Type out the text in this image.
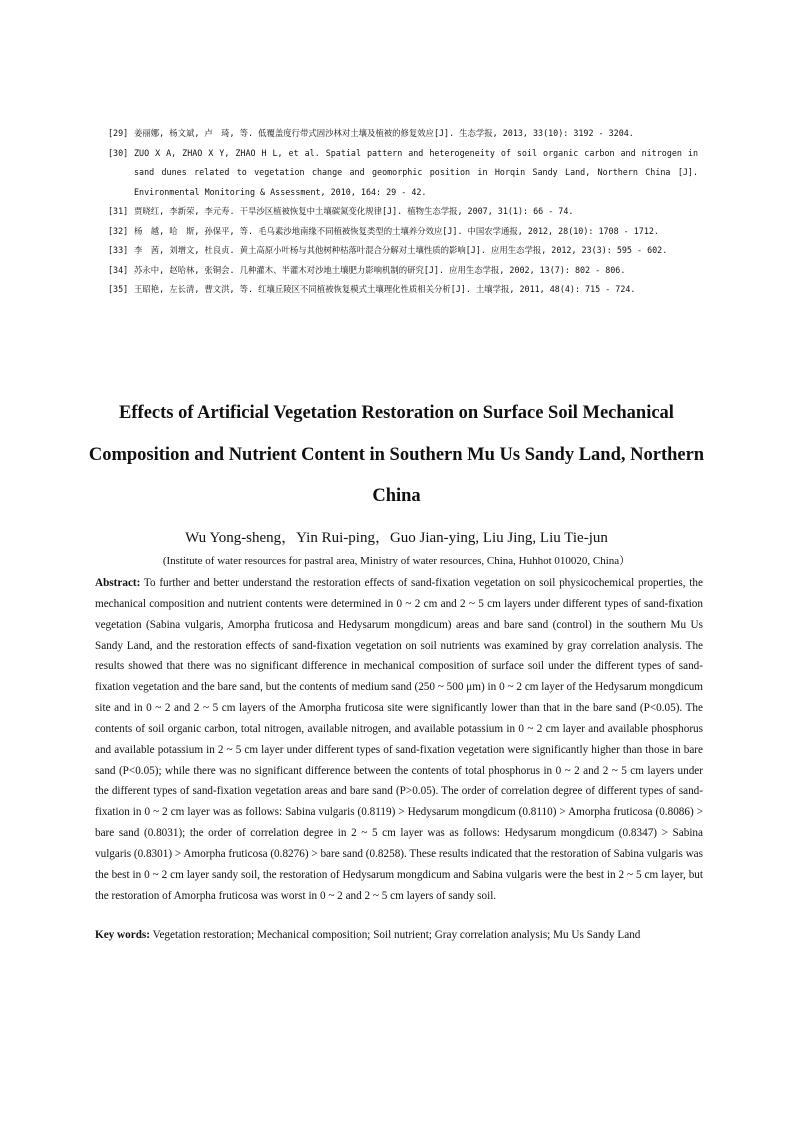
[29] 姜丽娜, 杨文斌, 卢　琦, 等. 低覆盖度行带式固沙林对土壤及植被的修复效应[J]. 生态学报, 2013, 33(10): 3192 - 3204.
[30] ZUO X A, ZHAO X Y, ZHAO H L, et al. Spatial pattern and heterogeneity of soil organic carbon and nitrogen in sand dunes related to vegetation change and geomorphic position in Horqin Sandy Land, Northern China [J]. Environmental Monitoring & Assessment, 2010, 164: 29 - 42.
[31] 贾晓红, 李新荣, 李元寿. 干旱沙区植被恢复中土壤碳氮变化规律[J]. 植物生态学报, 2007, 31(1): 66 - 74.
[32] 杨　越, 哈　斯, 孙保平, 等. 毛乌素沙地南缘不同植被恢复类型的土壤养分效应[J]. 中国农学通报, 2012, 28(10): 1708 - 1712.
[33] 李　茜, 刘增文, 杜良贞. 黄土高原小叶杨与其他树种枯落叶混合分解对土壤性质的影响[J]. 应用生态学报, 2012, 23(3): 595 - 602.
[34] 苏永中, 赵哈林, 张铜会. 几种灌木、半灌木对沙地土壤肥力影响机制的研究[J]. 应用生态学报, 2002, 13(7): 802 - 806.
[35] 王昭艳, 左长清, 曹文洪, 等. 红壤丘陵区不同植被恢复模式土壤理化性质相关分析[J]. 土壤学报, 2011, 48(4): 715 - 724.
Effects of Artificial Vegetation Restoration on Surface Soil Mechanical Composition and Nutrient Content in Southern Mu Us Sandy Land, Northern China
Wu Yong-sheng，Yin Rui-ping，Guo Jian-ying, Liu Jing, Liu Tie-jun
(Institute of water resources for pastral area, Ministry of water resources, China, Huhhot 010020, China）
Abstract: To further and better understand the restoration effects of sand-fixation vegetation on soil physicochemical properties, the mechanical composition and nutrient contents were determined in 0 ~ 2 cm and 2 ~ 5 cm layers under different types of sand-fixation vegetation (Sabina vulgaris, Amorpha fruticosa and Hedysarum mongdicum) areas and bare sand (control) in the southern Mu Us Sandy Land, and the restoration effects of sand-fixation vegetation on soil nutrients was examined by gray correlation analysis. The results showed that there was no significant difference in mechanical composition of surface soil under the different types of sand-fixation vegetation and the bare sand, but the contents of medium sand (250 ~ 500 μm) in 0 ~ 2 cm layer of the Hedysarum mongdicum site and in 0 ~ 2 and 2 ~ 5 cm layers of the Amorpha fruticosa site were significantly lower than that in the bare sand (P<0.05). The contents of soil organic carbon, total nitrogen, available nitrogen, and available potassium in 0 ~ 2 cm layer and available phosphorus and available potassium in 2 ~ 5 cm layer under different types of sand-fixation vegetation were significantly higher than those in bare sand (P<0.05); while there was no significant difference between the contents of total phosphorus in 0 ~ 2 and 2 ~ 5 cm layers under the different types of sand-fixation vegetation areas and bare sand (P>0.05). The order of correlation degree of different types of sand-fixation in 0 ~ 2 cm layer was as follows: Sabina vulgaris (0.8119) > Hedysarum mongdicum (0.8110) > Amorpha fruticosa (0.8086) > bare sand (0.8031); the order of correlation degree in 2 ~ 5 cm layer was as follows: Hedysarum mongdicum (0.8347) > Sabina vulgaris (0.8301) > Amorpha fruticosa (0.8276) > bare sand (0.8258). These results indicated that the restoration of Sabina vulgaris was the best in 0 ~ 2 cm layer sandy soil, the restoration of Hedysarum mongdicum and Sabina vulgaris were the best in 2 ~ 5 cm layer, but the restoration of Amorpha fruticosa was worst in 0 ~ 2 and 2 ~ 5 cm layers of sandy soil.
Key words: Vegetation restoration; Mechanical composition; Soil nutrient; Gray correlation analysis; Mu Us Sandy Land
